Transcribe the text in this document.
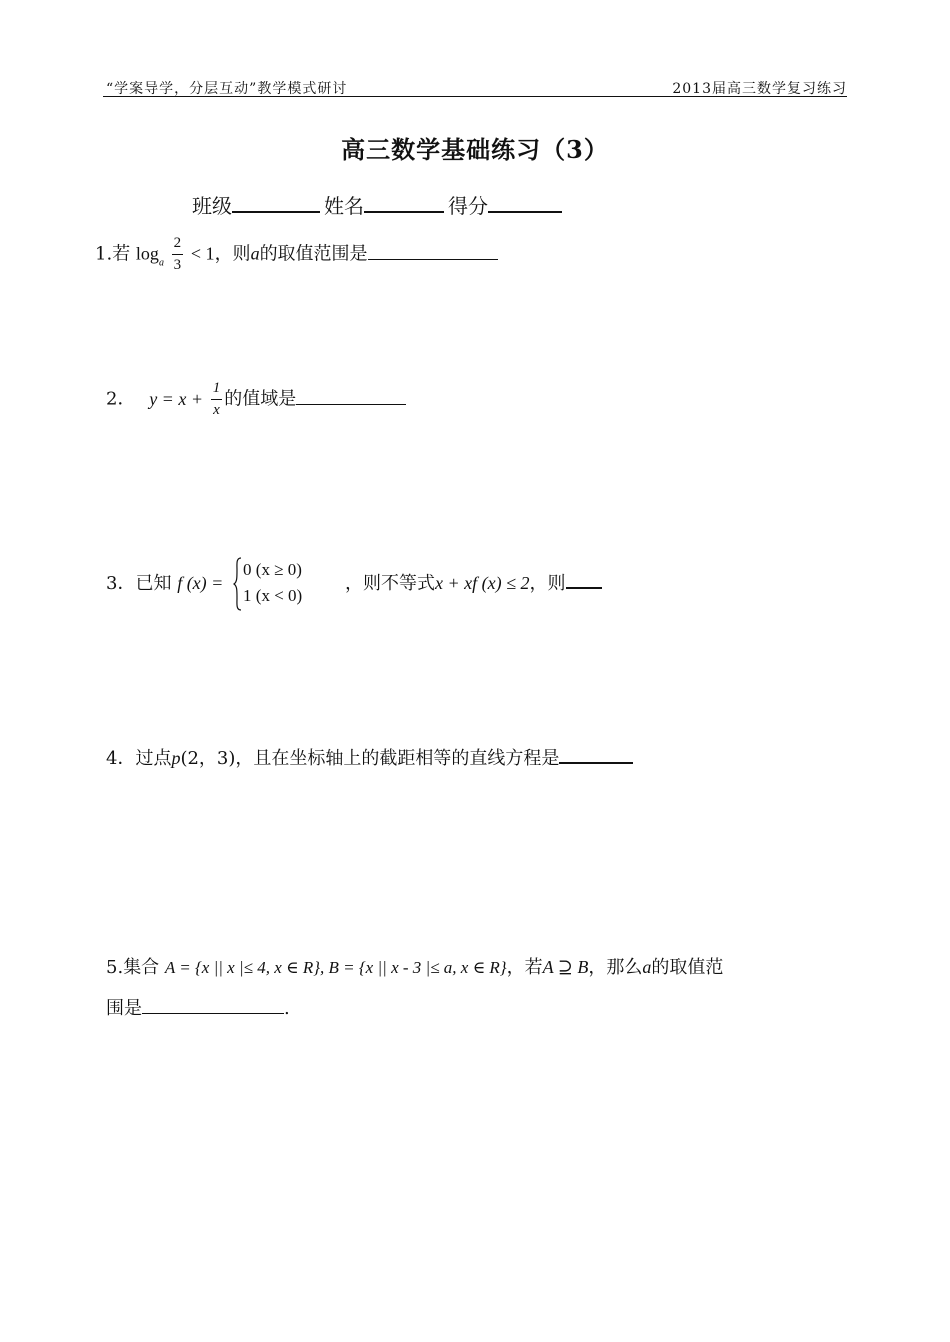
“学案导学，分层互动”教学模式研讨	2013届高三数学复习练习
高三数学基础练习（3）
班级	姓名	得分
1.若 $\log_a \frac{2}{3} < 1$，则a的取值范围是
2． $y = x + \frac{1}{x}$ 的值域是
3．已知 f (x) =
0 (x ≥ 0)
1 (x < 0)
，则不等式x + xf (x) ≤ 2，则
4．过点p(2，3)，且在坐标轴上的截距相等的直线方程是
5.集合 A = {x || x |≤ 4, x ∈ R}, B = {x || x - 3 |≤ a, x ∈ R}，若A ⊇ B，那么a的取值范
围是	.
